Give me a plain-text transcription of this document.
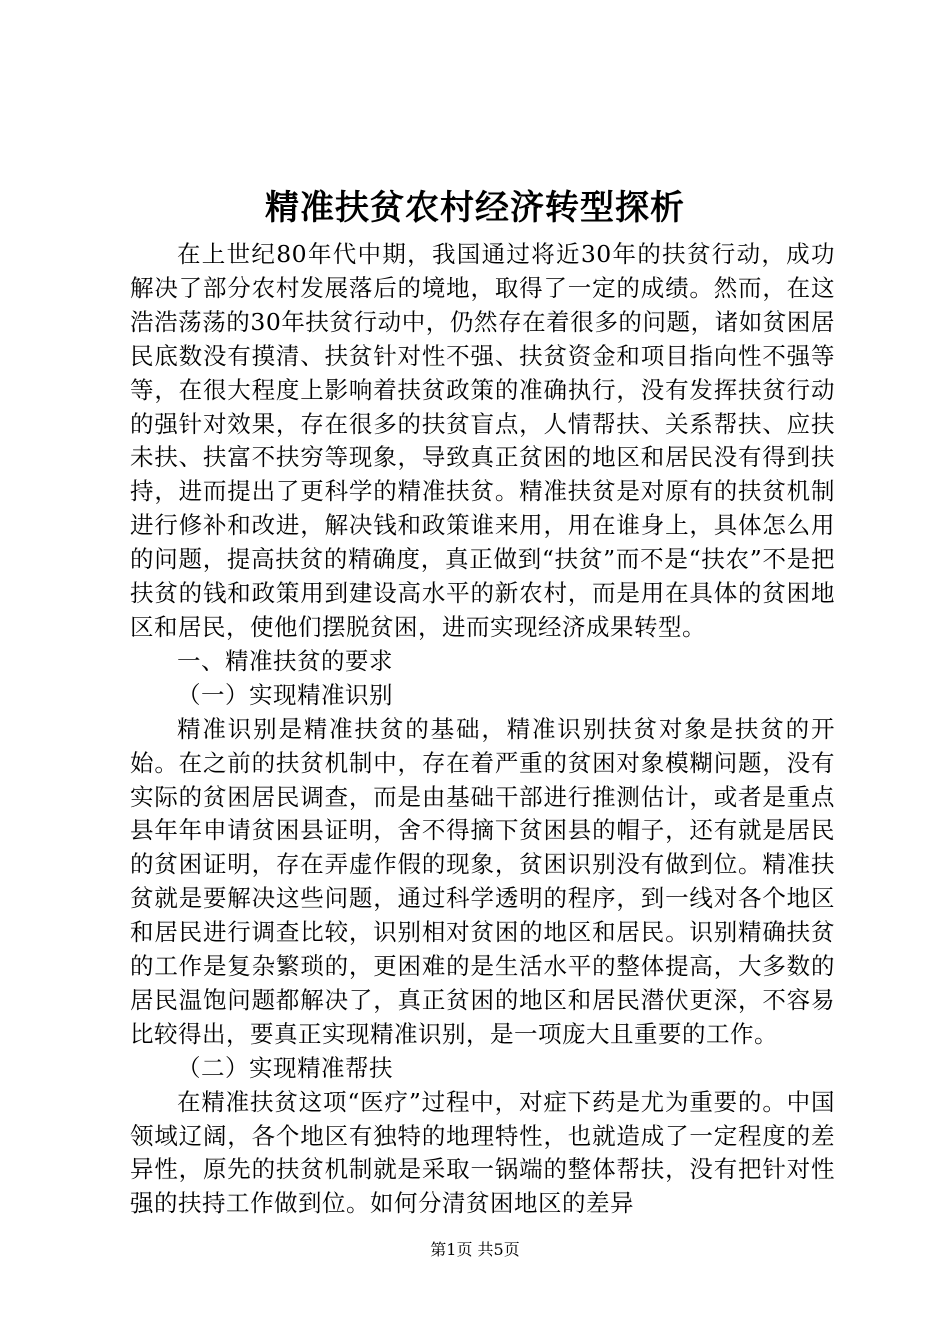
精准扶贫农村经济转型探析

在上世纪80年代中期，我国通过将近30年的扶贫行动，成功解决了部分农村发展落后的境地，取得了一定的成绩。然而，在这浩浩荡荡的30年扶贫行动中，仍然存在着很多的问题，诸如贫困居民底数没有摸清、扶贫针对性不强、扶贫资金和项目指向性不强等等，在很大程度上影响着扶贫政策的准确执行，没有发挥扶贫行动的强针对效果，存在很多的扶贫盲点，人情帮扶、关系帮扶、应扶未扶、扶富不扶穷等现象，导致真正贫困的地区和居民没有得到扶持，进而提出了更科学的精准扶贫。精准扶贫是对原有的扶贫机制进行修补和改进，解决钱和政策谁来用，用在谁身上，具体怎么用的问题，提高扶贫的精确度，真正做到“扶贫”而不是“扶农”不是把扶贫的钱和政策用到建设高水平的新农村，而是用在具体的贫困地区和居民，使他们摆脱贫困，进而实现经济成果转型。

一、精准扶贫的要求

（一）实现精准识别

精准识别是精准扶贫的基础，精准识别扶贫对象是扶贫的开始。在之前的扶贫机制中，存在着严重的贫困对象模糊问题，没有实际的贫困居民调查，而是由基础干部进行推测估计，或者是重点县年年申请贫困县证明，舍不得摘下贫困县的帽子，还有就是居民的贫困证明，存在弄虚作假的现象，贫困识别没有做到位。精准扶贫就是要解决这些问题，通过科学透明的程序，到一线对各个地区和居民进行调查比较，识别相对贫困的地区和居民。识别精确扶贫的工作是复杂繁琐的，更困难的是生活水平的整体提高，大多数的居民温饱问题都解决了，真正贫困的地区和居民潜伏更深，不容易比较得出，要真正实现精准识别，是一项庞大且重要的工作。

（二）实现精准帮扶

在精准扶贫这项“医疗”过程中，对症下药是尤为重要的。中国领域辽阔，各个地区有独特的地理特性，也就造成了一定程度的差异性，原先的扶贫机制就是采取一锅端的整体帮扶，没有把针对性强的扶持工作做到位。如何分清贫困地区的差异

第1页 共5页
